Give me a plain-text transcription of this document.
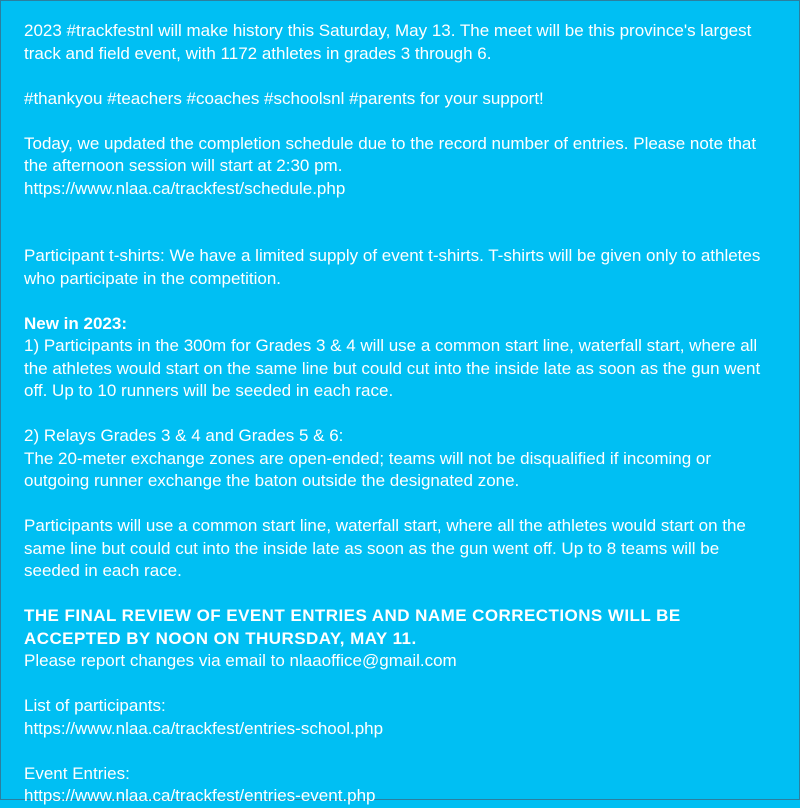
2023 #trackfestnl will make history this Saturday, May 13. The meet will be this province's largest track and field event, with 1172 athletes in grades 3 through 6.

#thankyou #teachers #coaches #schoolsnl #parents for your support!

Today, we updated the completion schedule due to the record number of entries. Please note that the afternoon session will start at 2:30 pm.

https://www.nlaa.ca/trackfest/schedule.php

Participant t-shirts: We have a limited supply of event t-shirts. T-shirts will be given only to athletes who participate in the competition.

New in 2023:

1) Participants in the 300m for Grades 3 & 4 will use a common start line, waterfall start, where all the athletes would start on the same line but could cut into the inside late as soon as the gun went off. Up to 10 runners will be seeded in each race.

2) Relays Grades 3 & 4 and Grades 5 & 6:

The 20-meter exchange zones are open-ended; teams will not be disqualified if incoming or outgoing runner exchange the baton outside the designated zone.

Participants will use a common start line, waterfall start, where all the athletes would start on the same line but could cut into the inside late as soon as the gun went off. Up to 8 teams will be seeded in each race.

THE FINAL REVIEW OF EVENT ENTRIES AND NAME CORRECTIONS WILL BE ACCEPTED BY NOON ON THURSDAY, MAY 11.

Please report changes via email to nlaaoffice@gmail.com

List of participants:

https://www.nlaa.ca/trackfest/entries-school.php

Event Entries:

https://www.nlaa.ca/trackfest/entries-event.php
